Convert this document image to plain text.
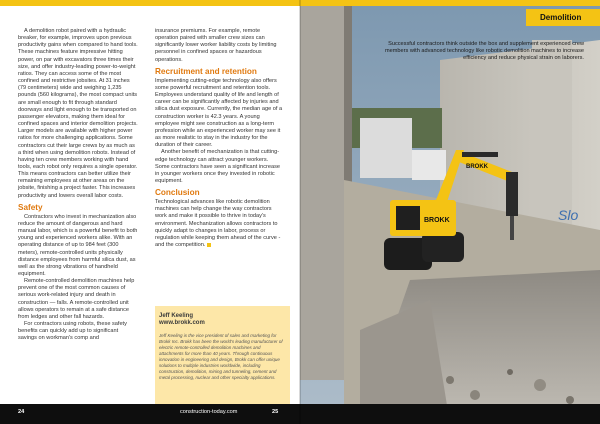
A demolition robot paired with a hydraulic breaker, for example, improves upon previous productivity gains when compared to hand tools. These machines feature impressive hitting power, on par with excavators three times their size, and offer industry-leading power-to-weight ratios. They can access some of the most confined and restrictive jobsites. At 31 inches (79 centimeters) wide and weighing 1,235 pounds (560 kilograms), the most compact units are small enough to fit through standard doorways and light enough to be transported on passenger elevators, making them ideal for confined spaces and interior demolition projects. Larger models are available with higher power ratios for more challenging applications. Some contractors cut their large crews by as much as a third when using demolition robots. Instead of having ten crew members working with hand tools, each robot only requires a single operator. This means contractors can better utilize their remaining employees at other areas on the jobsite, finishing a project faster. This increases productivity and lowers overall labor costs.

Safety

Contractors who invest in mechanization also reduce the amount of dangerous and hard manual labor, which is a powerful benefit to both young and experienced workers alike. With an operating distance of up to 984 feet (300 meters), remote-controlled units physically distance employees from harmful silica dust, as well as the strong vibrations of handheld equipment.

Remote-controlled demolition machines help prevent one of the most common causes of serious work-related injury and death in construction — falls. A remote-controlled unit allows operators to remain at a safe distance from ledges and other fall hazards.

For contractors using robots, these safety benefits can quickly add up to significant savings on workman's comp and

insurance premiums. For example, remote operation paired with smaller crew sizes can significantly lower worker liability costs by limiting personnel in confined spaces or hazardous operations.

Recruitment and retention

Implementing cutting-edge technology also offers some powerful recruitment and retention tools. Employees understand quality of life and length of career can be significantly affected by injuries and silica dust exposure. Currently, the median age of a construction worker is 42.3 years. A young employee might see construction as a long-term profession while an experienced worker may see it as more realistic to stay in the industry for the duration of their career.

Another benefit of mechanization is that cutting-edge technology can attract younger workers. Some contractors have seen a significant increase in younger workers once they invested in robotic equipment.

Conclusion

Technological advances like robotic demolition machines can help change the way contractors work and make it possible to thrive in today's environment. Mechanization allows contractors to quickly adapt to changes in labor, process or regulation while keeping them ahead of the curve - and the competition.

Jeff Keeling
www.brokk.com
Jeff Keeling is the vice president of sales and marketing for Brokk Inc. Brokk has been the world's leading manufacturer of electric remote-controlled demolition machines and attachments for more than 40 years. Through continuous innovation in engineering and design, Brokk can offer unique solutions to multiple industries worldwide, including construction, demolition, mining and tunneling, cement and metal processing, nuclear and other specialty applications.
24
Slo
BROKK
BROKK
Demolition
Successful contractors think outside the box and supplement experienced crew members with advanced technology like robotic demolition machines to increase efficiency and reduce physical strain on laborers.
construction-today.com	25
